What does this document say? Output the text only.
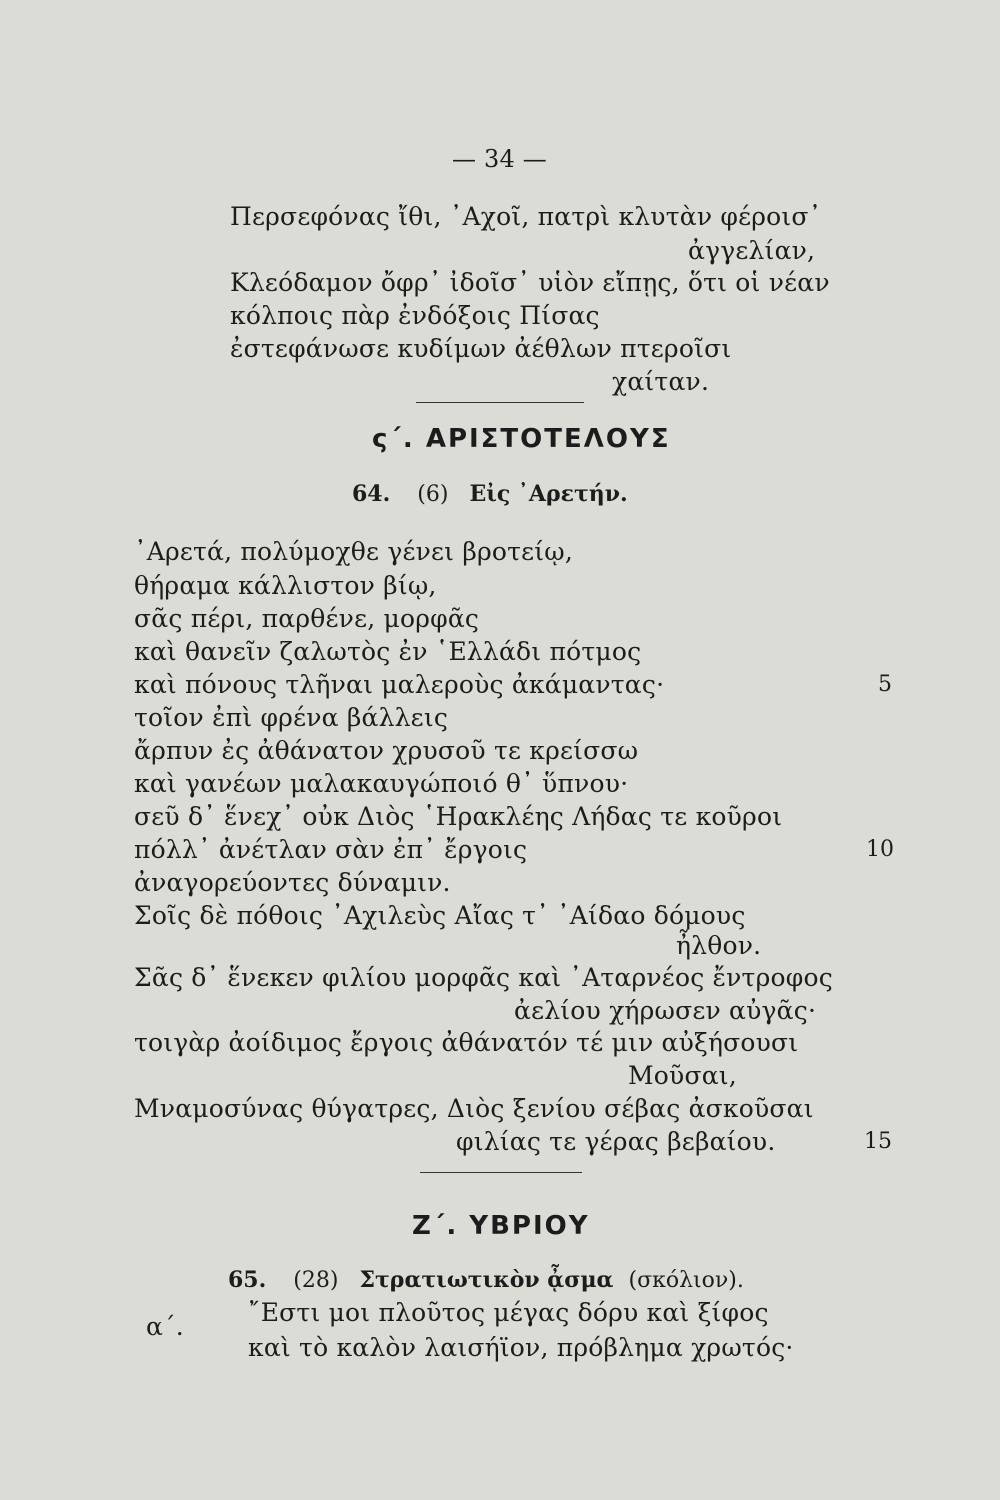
— 34 —
Περσεφόνας ἴθι, ᾿Αχοῖ, πατρὶ κλυτὰν φέροισ᾿
ἀγγελίαν,
Κλεόδαμον ὄφρ᾿ ἰδοῖσ᾿ υἱὸν εἴπῃς, ὅτι οἱ νέαν
κόλποις πὰρ ἐνδόξοις Πίσας
ἐστεφάνωσε κυδίμων ἀέθλων πτεροῖσι
χαίταν.
ς΄. ΑΡΙΣΤΟΤΕΛΟΥΣ
64. (6) Εἰς ᾿Αρετήν.
᾿Αρετά, πολύμοχθε γένει βροτείῳ,
θήραμα κάλλιστον βίῳ,
σᾶς πέρι, παρθένε, μορφᾶς
καὶ θανεῖν ζαλωτὸς ἐν ῾Ελλάδι πότμος
καὶ πόνους τλῆναι μαλεροὺς ἀκάμαντας·
τοῖον ἐπὶ φρένα βάλλεις
ἄρπυν ἐς ἀθάνατον χρυσοῦ τε κρείσσω
καὶ γανέων μαλακαυγώποιό θ᾿ ὕπνου·
σεῦ δ᾿ ἕνεχ᾿ οὐκ Διὸς ῾Ηρακλέης Λήδας τε κοῦροι
πόλλ᾿ ἀνέτλαν σὰν ἐπ᾿ ἔργοις
ἀναγορεύοντες δύναμιν.
Σοῖς δὲ πόθοις ᾿Αχιλεὺς Αἴας τ᾿ ᾿Αίδαο δόμους
ἦλθον.
Σᾶς δ᾿ ἕνεκεν φιλίου μορφᾶς καὶ ᾿Αταρνέος ἔντροφος
ἀελίου χήρωσεν αὐγᾶς·
τοιγὰρ ἀοίδιμος ἔργοις ἀθάνατόν τέ μιν αὐξήσουσι
Μοῦσαι,
Μναμοσύνας θύγατρες, Διὸς ξενίου σέβας ἀσκοῦσαι
φιλίας τε γέρας βεβαίου.
5
10
15
Ζ΄. ΥΒΡΙΟΥ
65. (28) Στρατιωτικὸν ᾆσμα (σκόλιον).
α΄.	῎Εστι μοι πλοῦτος μέγας δόρυ καὶ ξίφος
καὶ τὸ καλὸν λαισήϊον, πρόβλημα χρωτός·
